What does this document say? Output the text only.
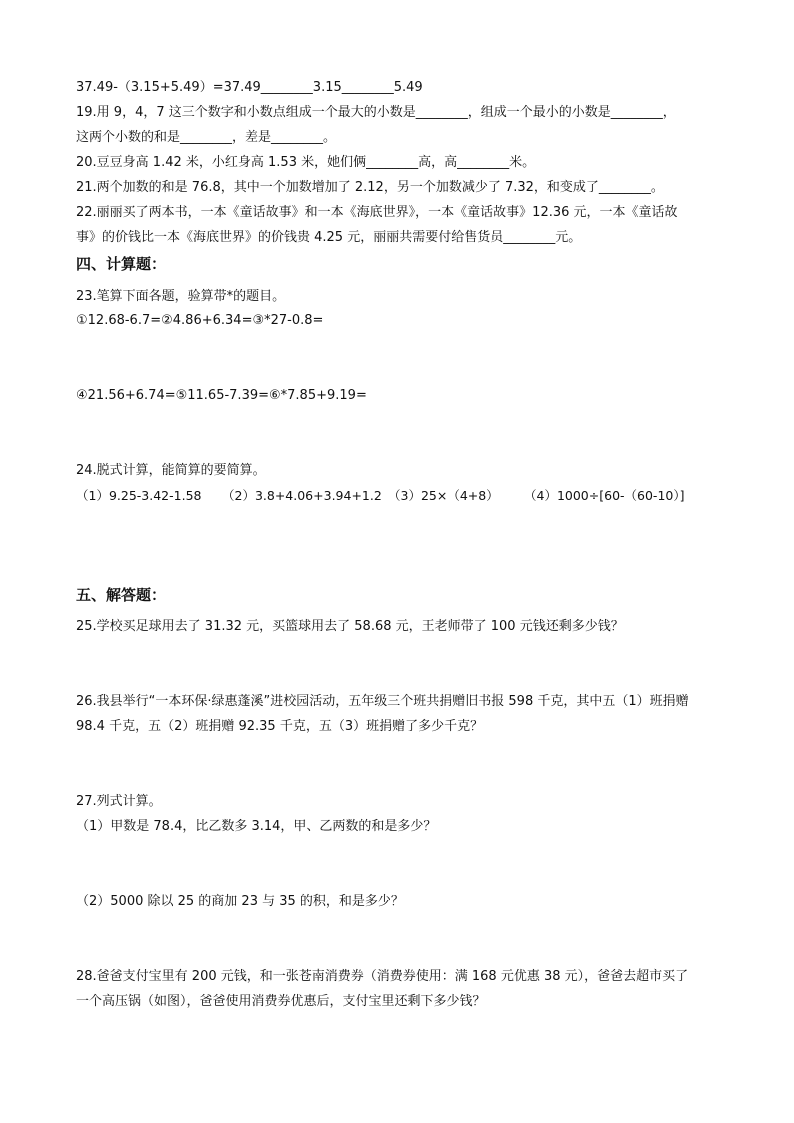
37.49-（3.15+5.49）=37.49________3.15________5.49
19.用 9，4，7 这三个数字和小数点组成一个最大的小数是________，组成一个最小的小数是________，
这两个小数的和是________，差是________。
20.豆豆身高 1.42 米，小红身高 1.53 米，她们俩________高，高________米。
21.两个加数的和是 76.8，其中一个加数增加了 2.12，另一个加数减少了 7.32，和变成了________。
22.丽丽买了两本书，一本《童话故事》和一本《海底世界》，一本《童话故事》12.36 元，一本《童话故
事》的价钱比一本《海底世界》的价钱贵 4.25 元，丽丽共需要付给售货员________元。
四、计算题：
23.笔算下面各题，验算带*的题目。
①12.68-6.7=②4.86+6.34=③*27-0.8=
④21.56+6.74=⑤11.65-7.39=⑥*7.85+9.19=
24.脱式计算，能简算的要简算。
（1）9.25-3.42-1.58 （2）3.8+4.06+3.94+1.2 （3）25×（4+8） （4）1000÷[60-（60-10）]
五、解答题：
25.学校买足球用去了 31.32 元，买篮球用去了 58.68 元，王老师带了 100 元钱还剩多少钱？
26.我县举行“一本环保·绿惠蓬溪”进校园活动，五年级三个班共捐赠旧书报 598 千克，其中五（1）班捐赠
98.4 千克，五（2）班捐赠 92.35 千克，五（3）班捐赠了多少千克？
27.列式计算。
（1）甲数是 78.4，比乙数多 3.14，甲、乙两数的和是多少？
（2）5000 除以 25 的商加 23 与 35 的积，和是多少？
28.爸爸支付宝里有 200 元钱，和一张苍南消费券（消费券使用：满 168 元优惠 38 元），爸爸去超市买了
一个高压锅（如图），爸爸使用消费券优惠后，支付宝里还剩下多少钱？
